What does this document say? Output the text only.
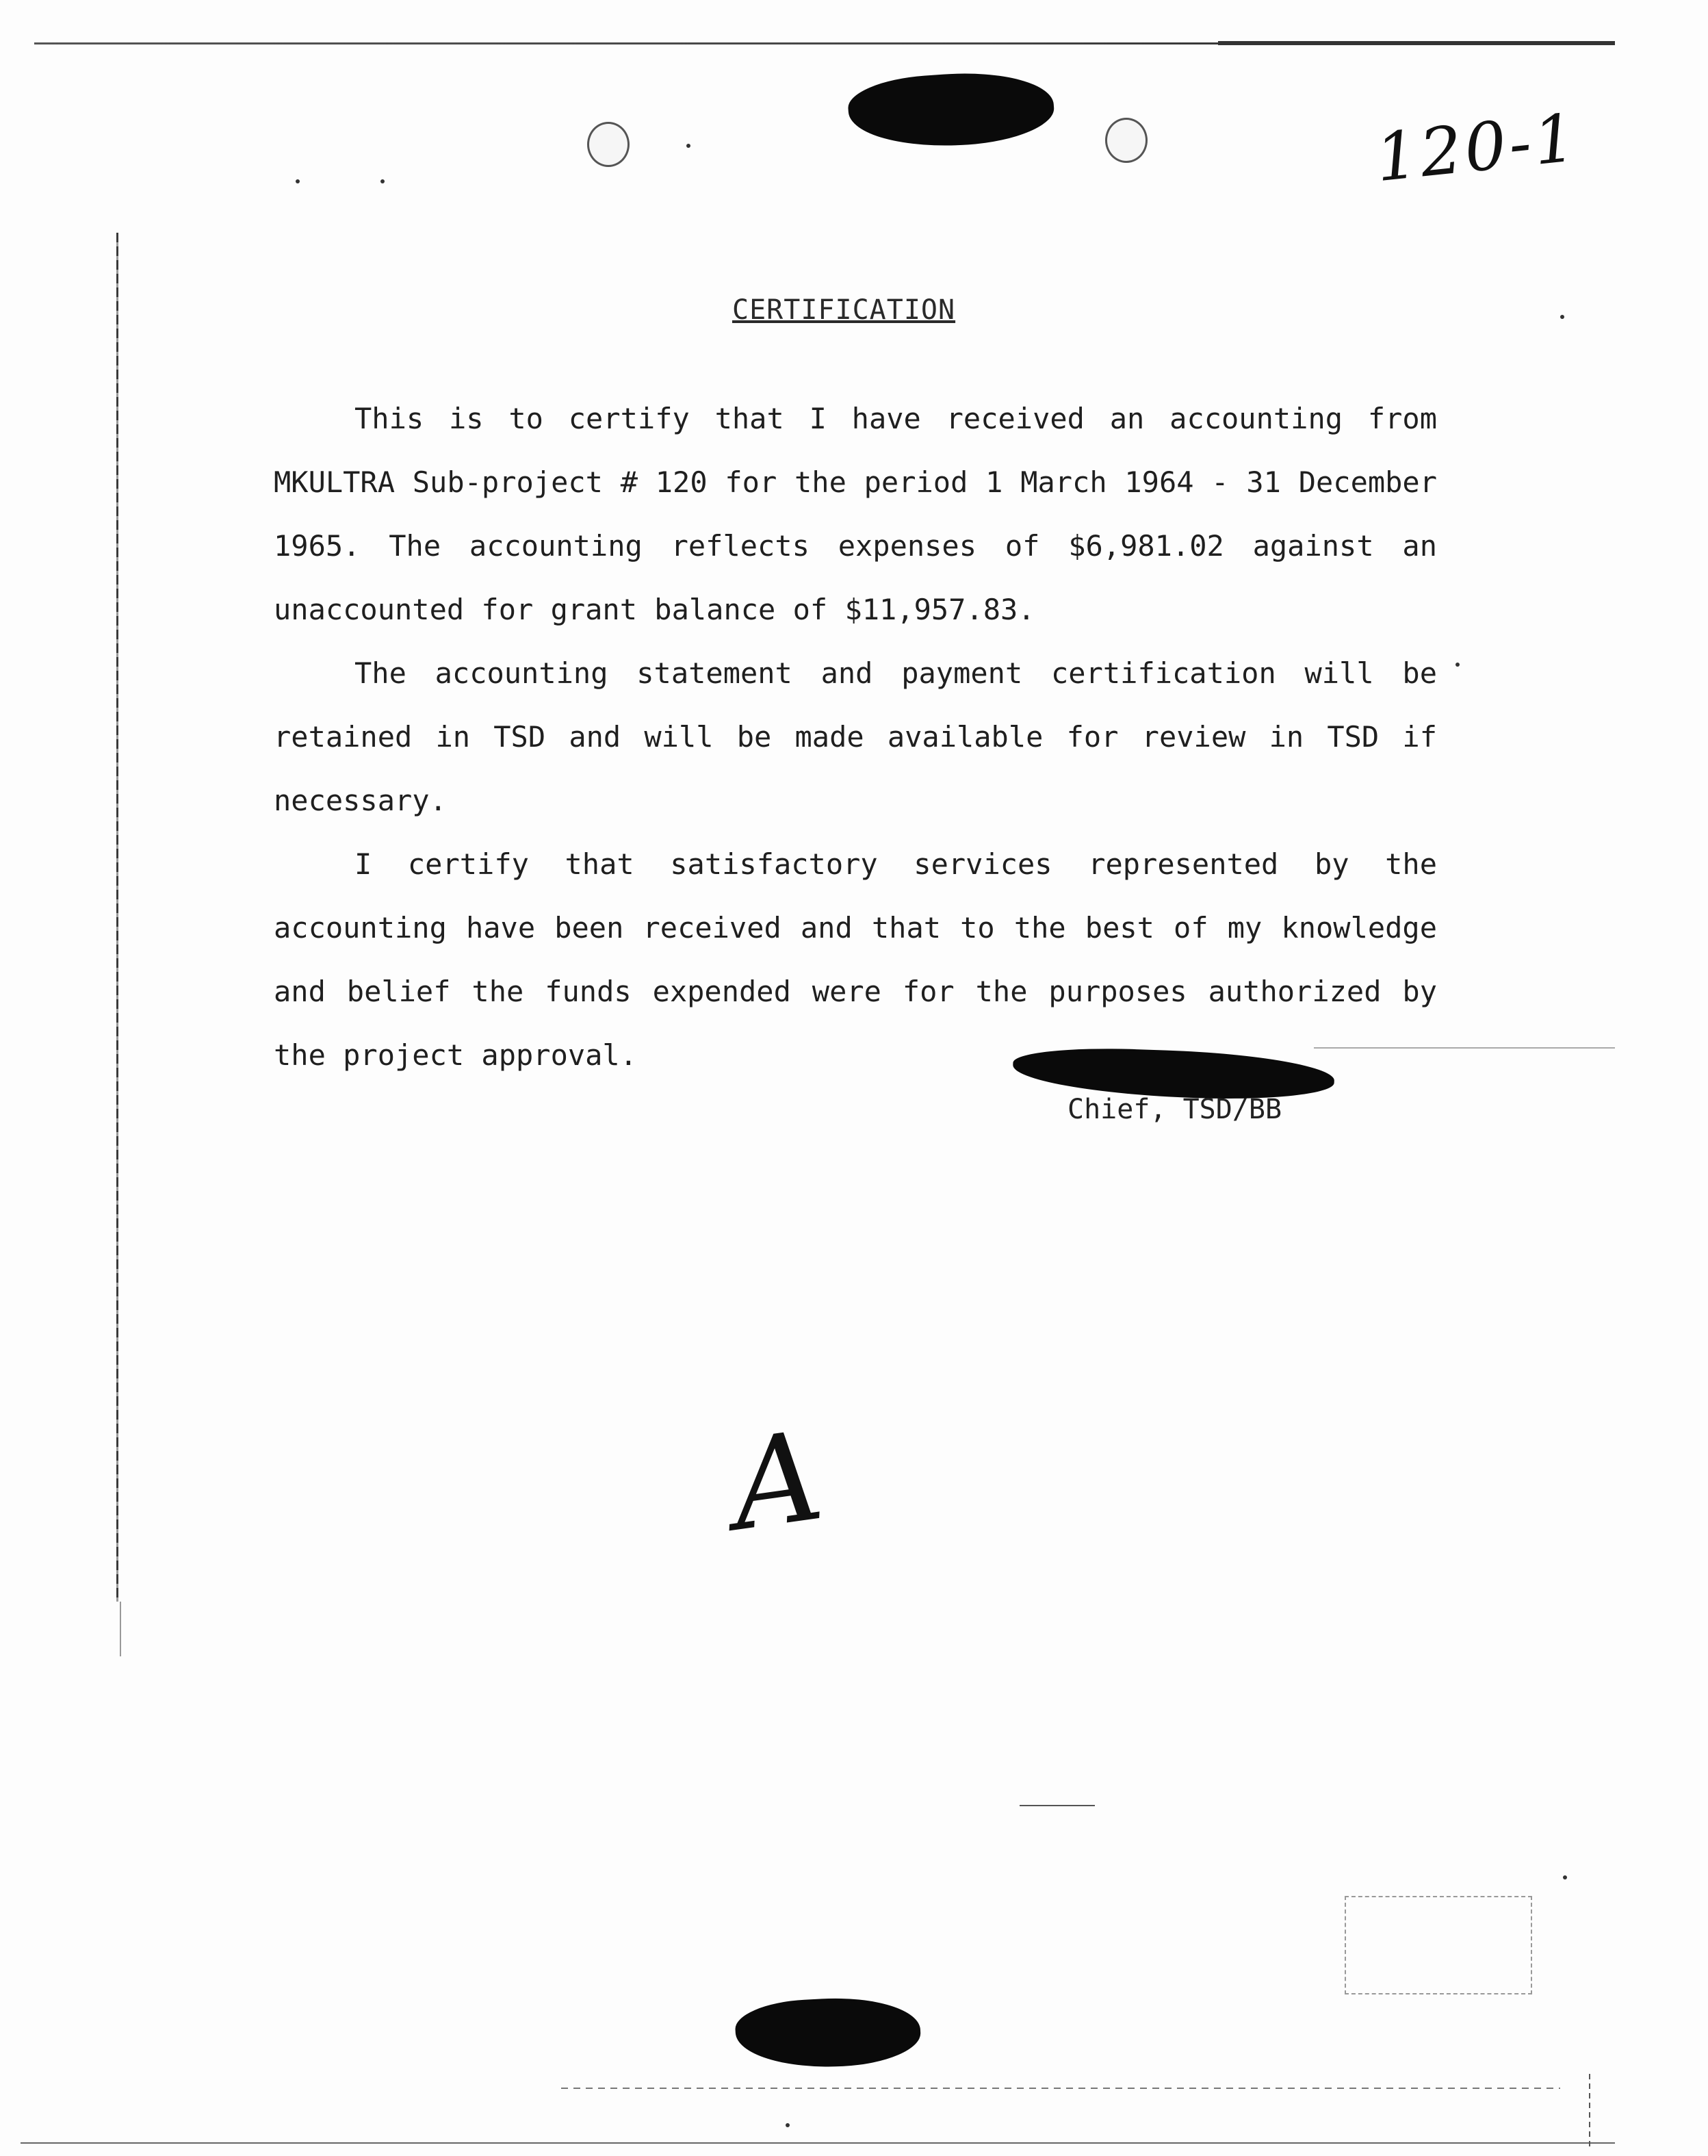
120-1
CERTIFICATION

This is to certify that I have received an accounting from MKULTRA Sub-project # 120 for the period 1 March 1964 - 31 December 1965. The accounting reflects expenses of $6,981.02 against an unaccounted for grant balance of $11,957.83.

The accounting statement and payment certification will be retained in TSD and will be made available for review in TSD if necessary.

I certify that satisfactory services represented by the accounting have been received and that to the best of my knowledge and belief the funds expended were for the purposes authorized by the project approval.

Chief, TSD/BB
A
